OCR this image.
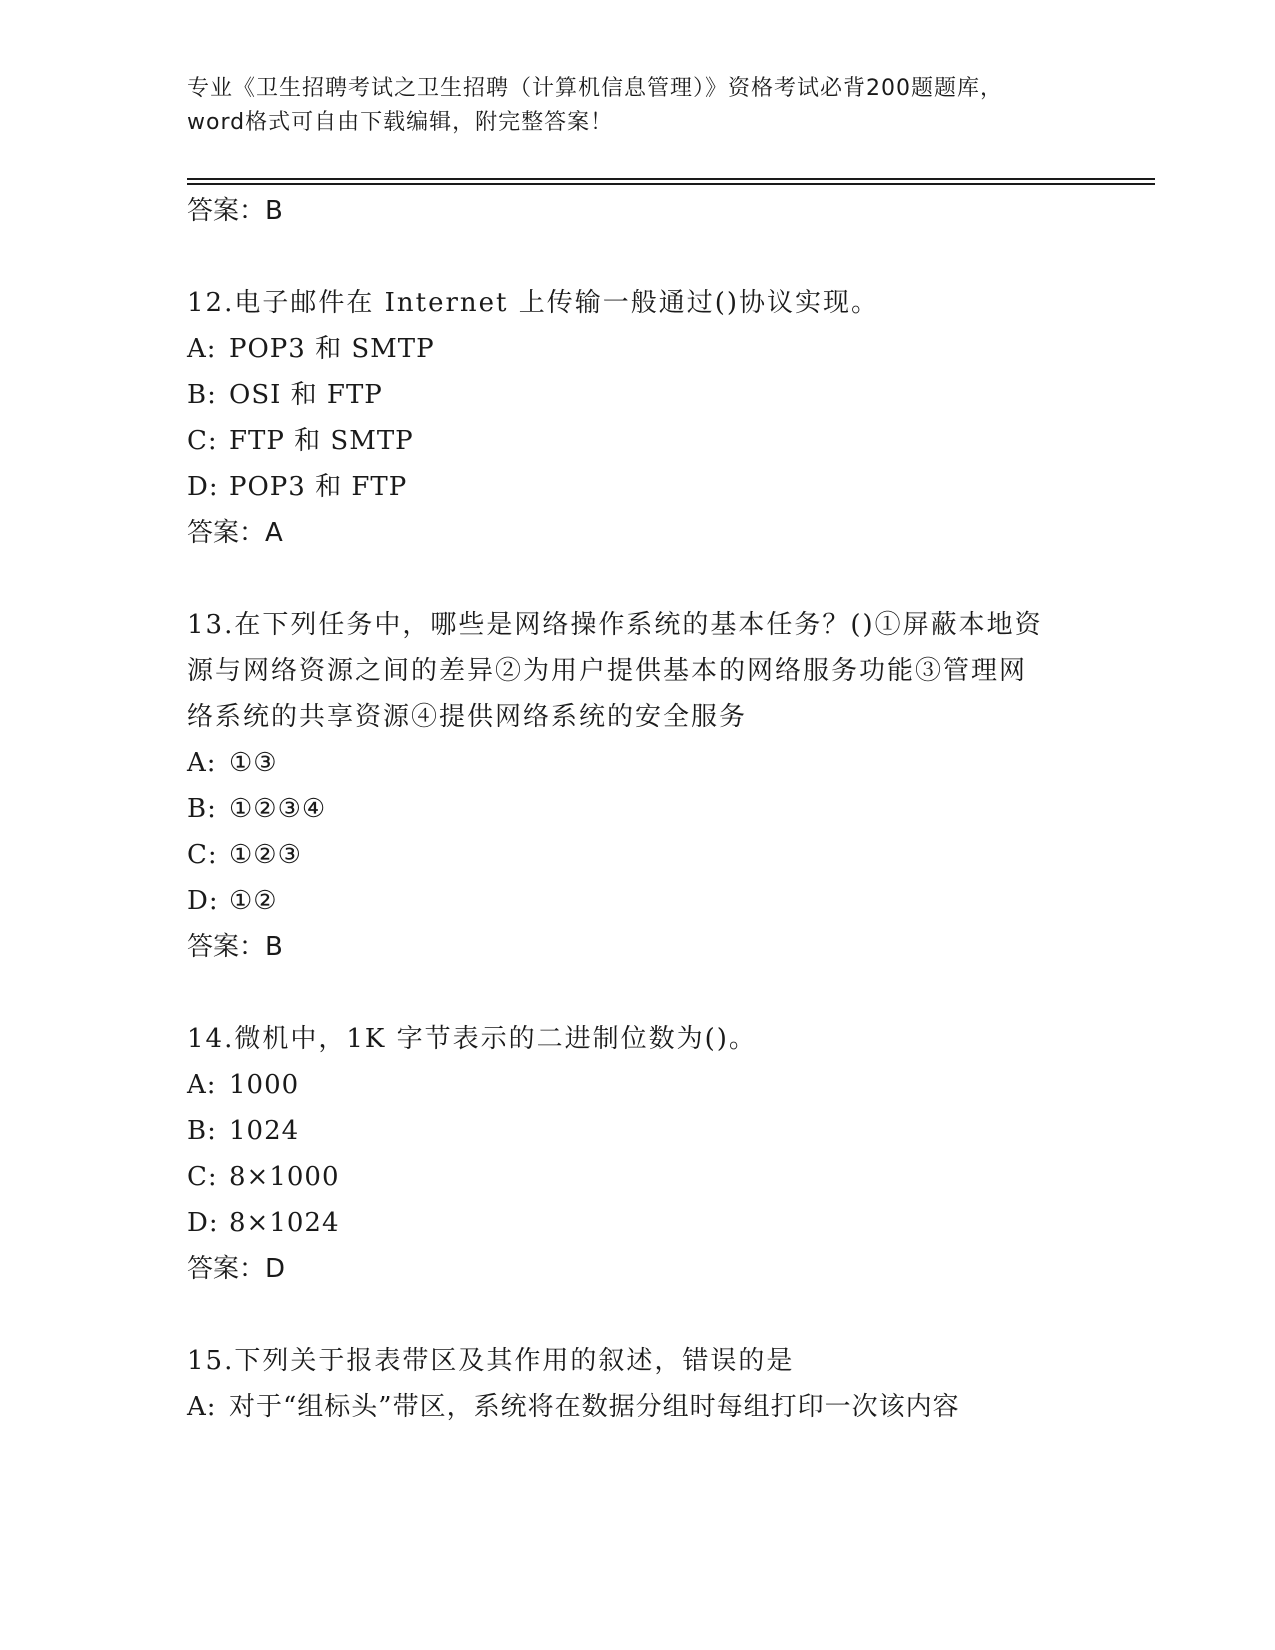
专业《卫生招聘考试之卫生招聘（计算机信息管理）》资格考试必背200题题库，
word格式可自由下载编辑，附完整答案！
答案：B
12.电子邮件在 Internet 上传输一般通过()协议实现。
A: POP3 和 SMTP
B: OSI 和 FTP
C: FTP 和 SMTP
D: POP3 和 FTP
答案：A
13.在下列任务中，哪些是网络操作系统的基本任务？()①屏蔽本地资
源与网络资源之间的差异②为用户提供基本的网络服务功能③管理网
络系统的共享资源④提供网络系统的安全服务
A: ①③
B: ①②③④
C: ①②③
D: ①②
答案：B
14.微机中，1K 字节表示的二进制位数为()。
A: 1000
B: 1024
C: 8×1000
D: 8×1024
答案：D
15.下列关于报表带区及其作用的叙述，错误的是
A: 对于“组标头”带区，系统将在数据分组时每组打印一次该内容
